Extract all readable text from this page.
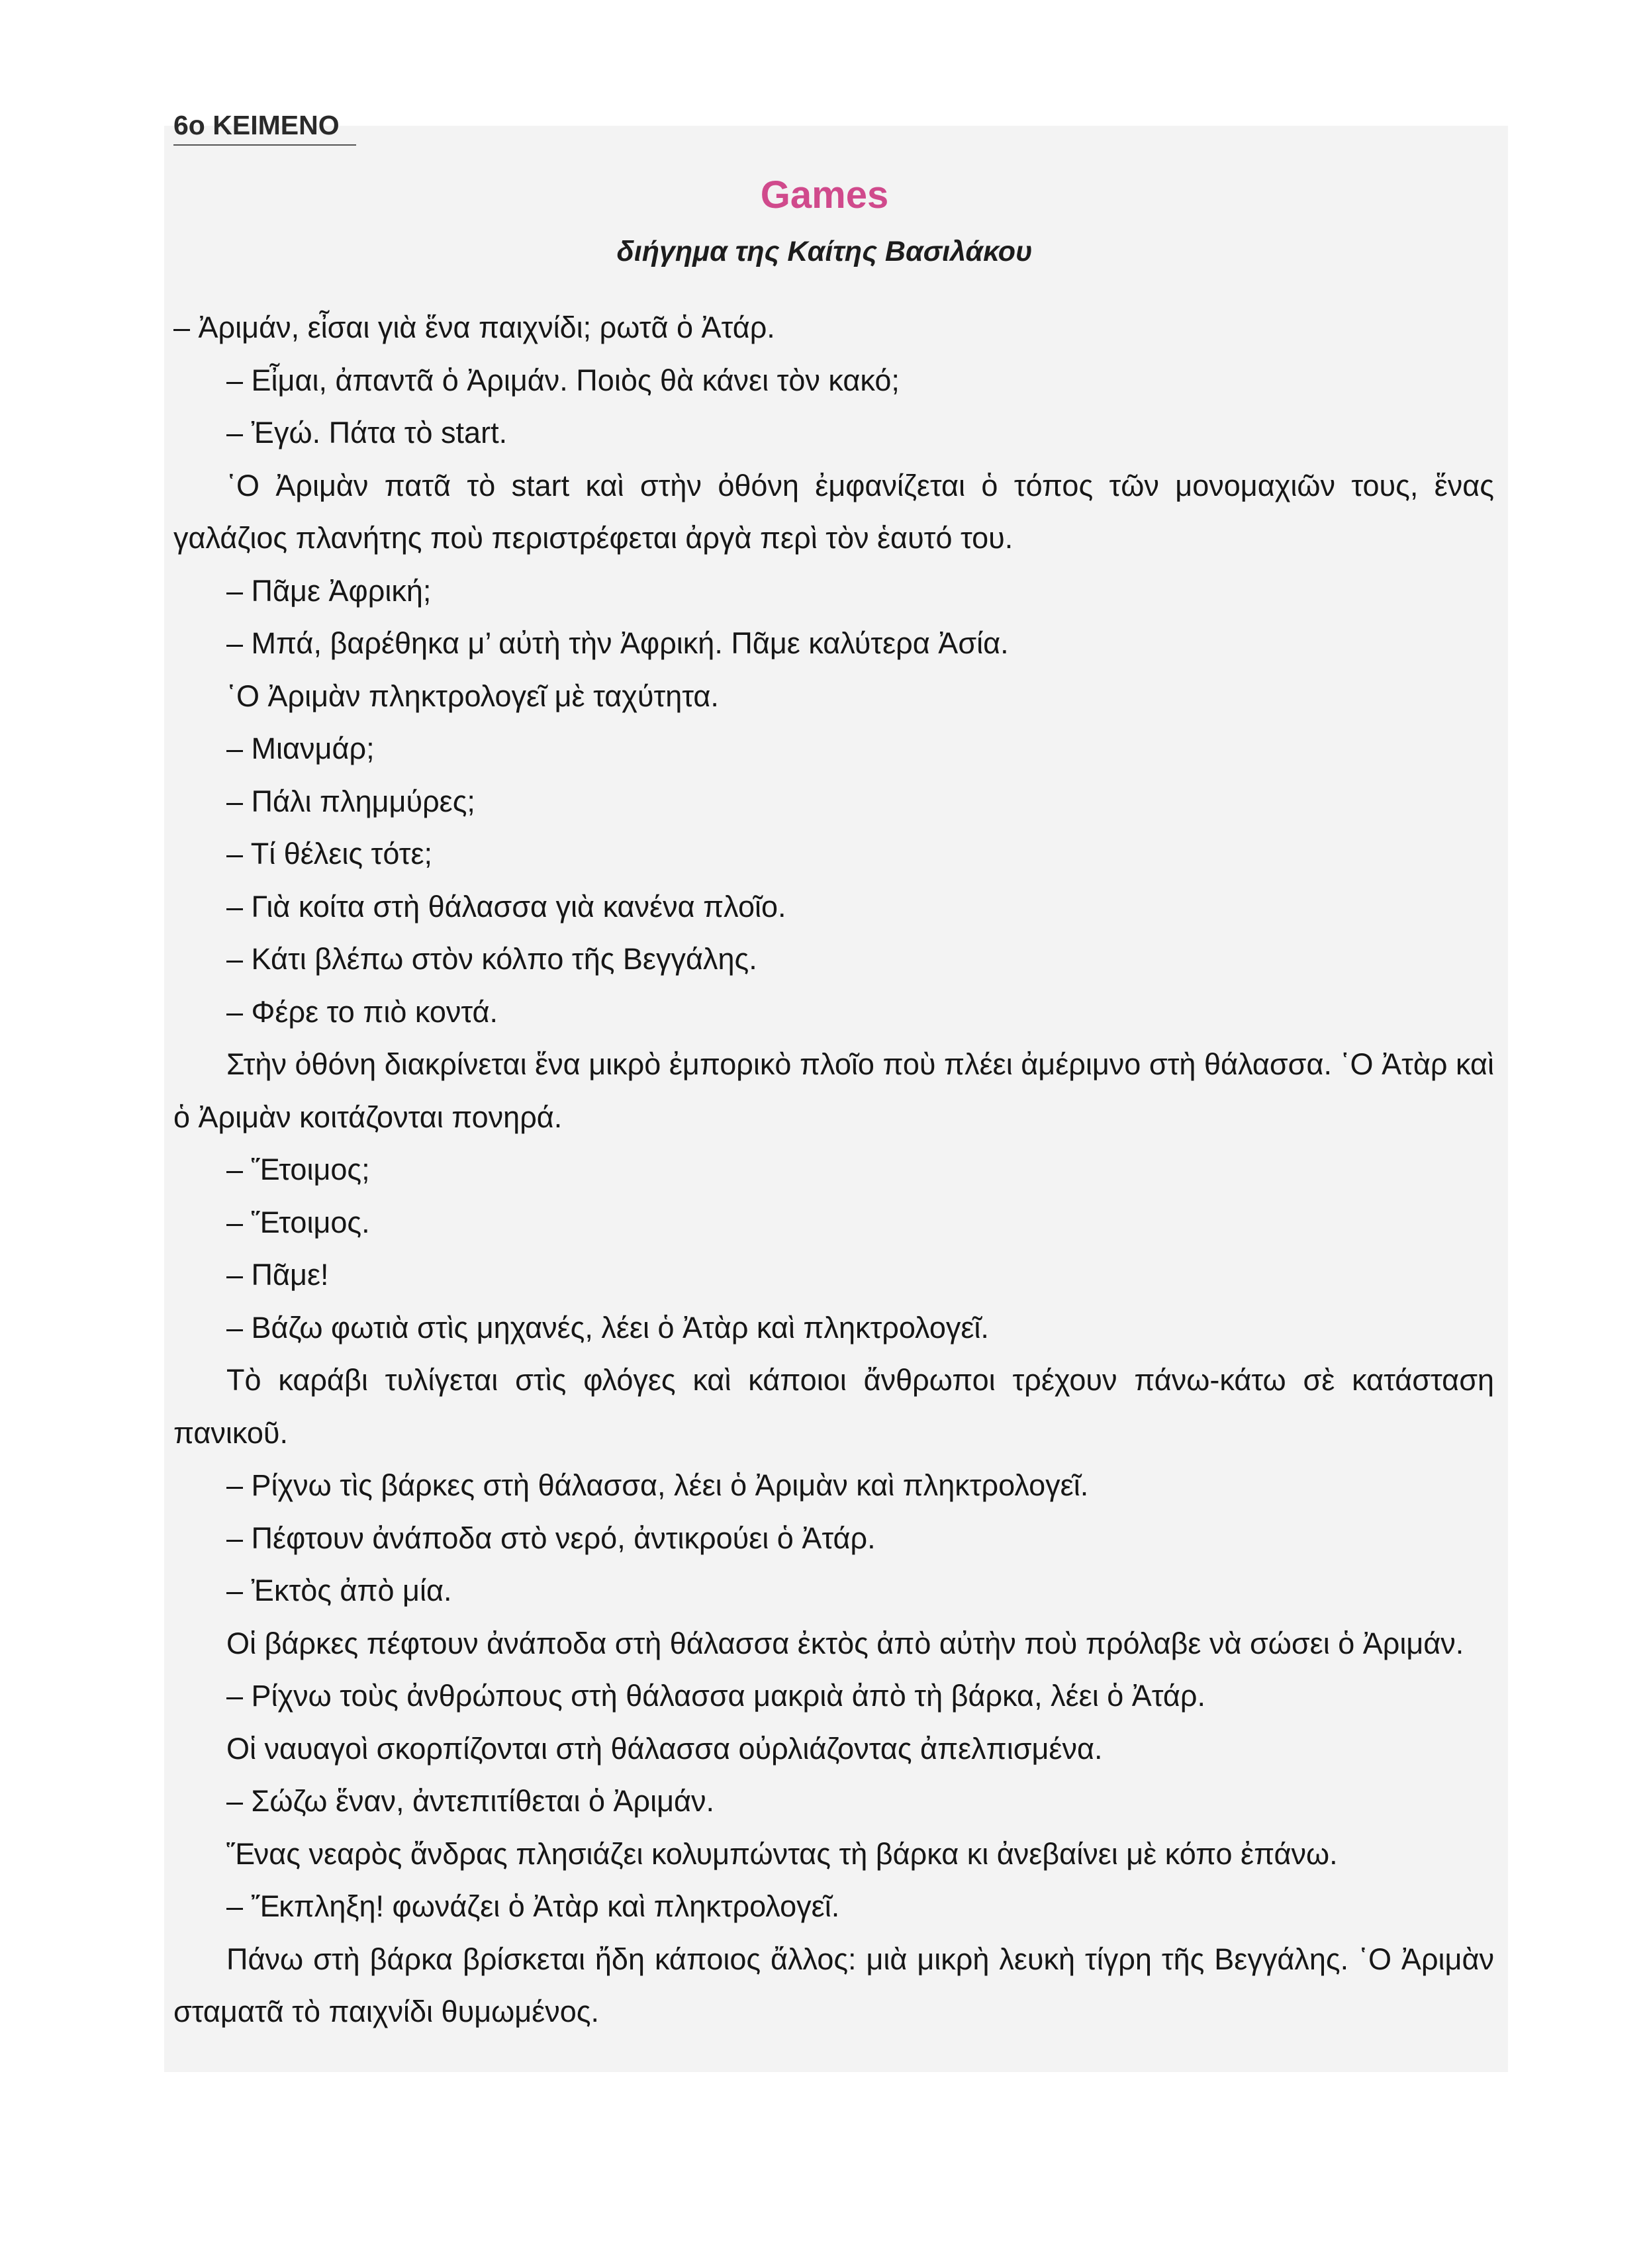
6ο ΚΕΙΜΕΝΟ
Games
διήγημα της Καίτης Βασιλάκου

– Ἀριμάν, εἶσαι γιὰ ἕνα παιχνίδι; ρωτᾶ ὁ Ἀτάρ.

– Εἶμαι, ἀπαντᾶ ὁ Ἀριμάν. Ποιὸς θὰ κάνει τὸν κακό;

– Ἐγώ. Πάτα τὸ start.

῾Ο Ἀριμὰν πατᾶ τὸ start καὶ στὴν ὀθόνη ἐμφανίζεται ὁ τόπος τῶν μονομαχιῶν τους, ἕνας γαλάζιος πλανήτης ποὺ περιστρέφεται ἀργὰ περὶ τὸν ἑαυτό του.

– Πᾶμε Ἀφρική;

– Μπά, βαρέθηκα μ’ αὐτὴ τὴν Ἀφρική. Πᾶμε καλύτερα Ἀσία.

῾Ο Ἀριμὰν πληκτρολογεῖ μὲ ταχύτητα.

– Μιανμάρ;

– Πάλι πλημμύρες;

– Τί θέλεις τότε;

– Γιὰ κοίτα στὴ θάλασσα γιὰ κανένα πλοῖο.

– Κάτι βλέπω στὸν κόλπο τῆς Βεγγάλης.

– Φέρε το πιὸ κοντά.

Στὴν ὀθόνη διακρίνεται ἕνα μικρὸ ἐμπορικὸ πλοῖο ποὺ πλέει ἀμέριμνο στὴ θάλασσα. ῾Ο Ἀτὰρ καὶ ὁ Ἀριμὰν κοιτάζονται πονηρά.

– Ἕτοιμος;

– Ἕτοιμος.

– Πᾶμε!

– Βάζω φωτιὰ στὶς μηχανές, λέει ὁ Ἀτὰρ καὶ πληκτρολογεῖ.

Τὸ καράβι τυλίγεται στὶς φλόγες καὶ κάποιοι ἄνθρωποι τρέχουν πάνω-κάτω σὲ κατάσταση πανικοῦ.

– Ρίχνω τὶς βάρκες στὴ θάλασσα, λέει ὁ Ἀριμὰν καὶ πληκτρολογεῖ.

– Πέφτουν ἀνάποδα στὸ νερό, ἀντικρούει ὁ Ἀτάρ.

– Ἐκτὸς ἀπὸ μία.

Οἱ βάρκες πέφτουν ἀνάποδα στὴ θάλασσα ἐκτὸς ἀπὸ αὐτὴν ποὺ πρόλαβε νὰ σώσει ὁ Ἀριμάν.

– Ρίχνω τοὺς ἀνθρώπους στὴ θάλασσα μακριὰ ἀπὸ τὴ βάρκα, λέει ὁ Ἀτάρ.

Οἱ ναυαγοὶ σκορπίζονται στὴ θάλασσα οὐρλιάζοντας ἀπελπισμένα.

– Σώζω ἕναν, ἀντεπιτίθεται ὁ Ἀριμάν.

Ἕνας νεαρὸς ἄνδρας πλησιάζει κολυμπώντας τὴ βάρκα κι ἀνεβαίνει μὲ κόπο ἐπάνω.

– Ἔκπληξη! φωνάζει ὁ Ἀτὰρ καὶ πληκτρολογεῖ.

Πάνω στὴ βάρκα βρίσκεται ἤδη κάποιος ἄλλος: μιὰ μικρὴ λευκὴ τίγρη τῆς Βεγγάλης. ῾Ο Ἀριμὰν σταματᾶ τὸ παιχνίδι θυμωμένος.
